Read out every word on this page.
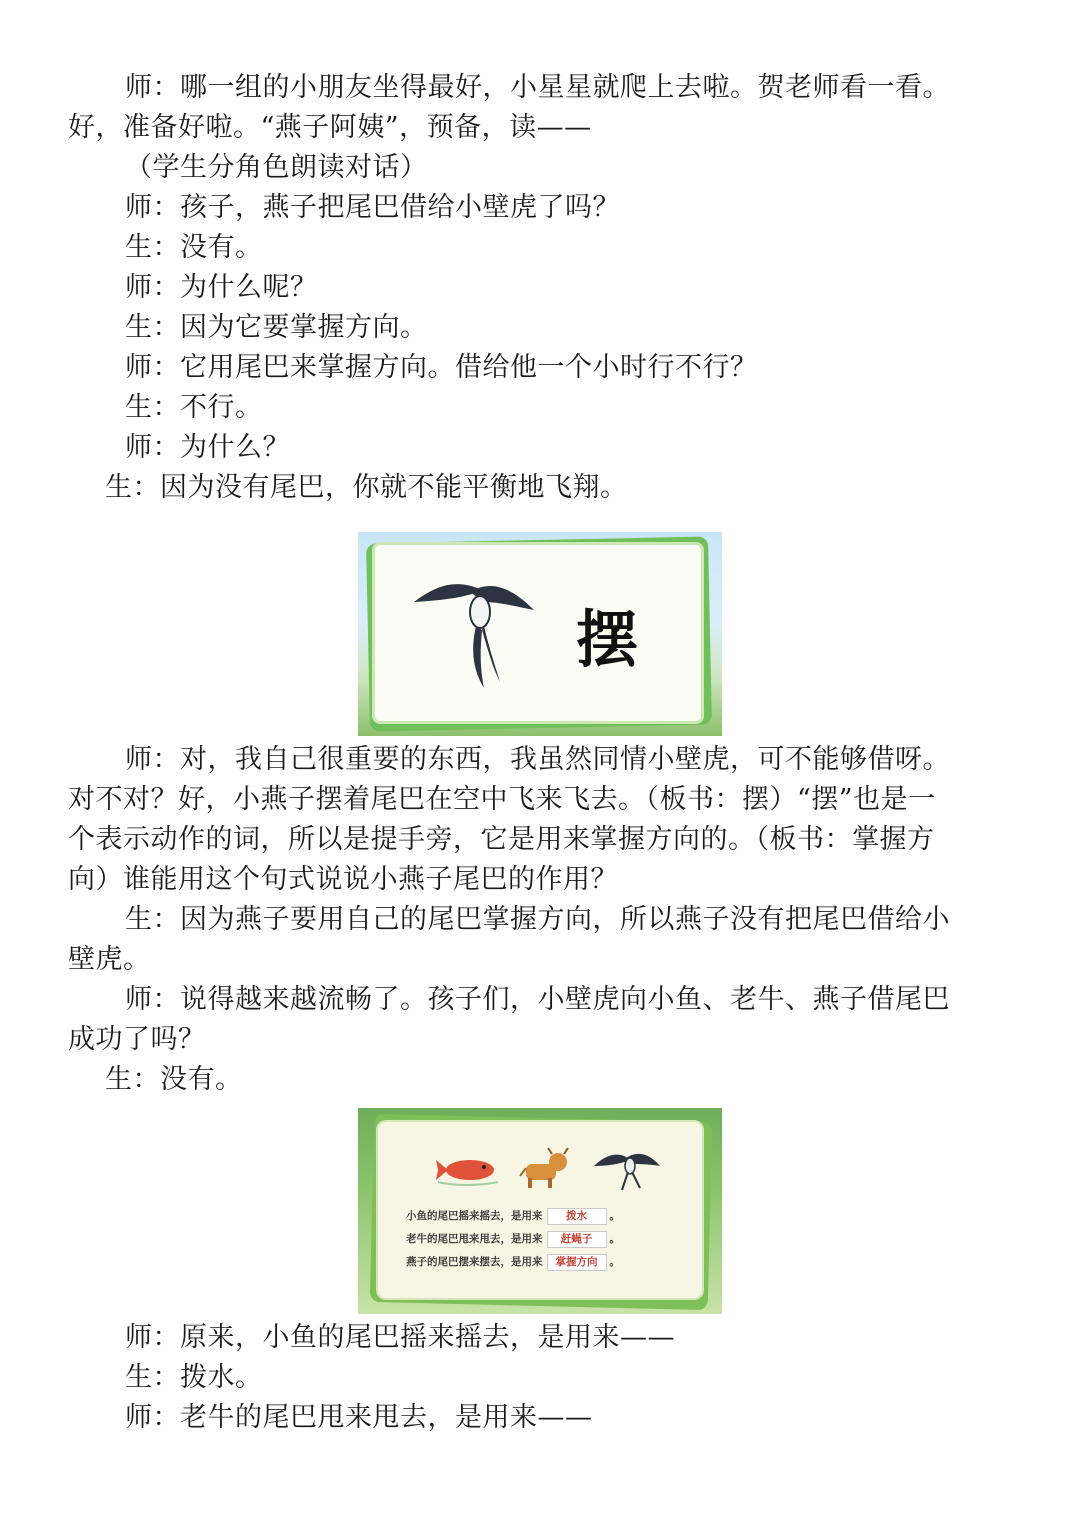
师：哪一组的小朋友坐得最好，小星星就爬上去啦。贺老师看一看。
好，准备好啦。“燕子阿姨”，预备，读——
（学生分角色朗读对话）
师：孩子，燕子把尾巴借给小壁虎了吗？
生：没有。
师：为什么呢？
生：因为它要掌握方向。
师：它用尾巴来掌握方向。借给他一个小时行不行？
生：不行。
师：为什么？
生：因为没有尾巴，你就不能平衡地飞翔。
摆
师：对，我自己很重要的东西，我虽然同情小壁虎，可不能够借呀。
对不对？好，小燕子摆着尾巴在空中飞来飞去。（板书：摆）“摆”也是一
个表示动作的词，所以是提手旁，它是用来掌握方向的。（板书：掌握方
向）谁能用这个句式说说小燕子尾巴的作用？
生：因为燕子要用自己的尾巴掌握方向，所以燕子没有把尾巴借给小
壁虎。
师：说得越来越流畅了。孩子们，小壁虎向小鱼、老牛、燕子借尾巴
成功了吗？
生：没有。
小鱼的尾巴摇来摇去，是用来 拨水 。
老牛的尾巴甩来甩去，是用来 赶蝇子 。
燕子的尾巴摆来摆去，是用来 掌握方向 。
师：原来，小鱼的尾巴摇来摇去，是用来——
生：拨水。
师：老牛的尾巴甩来甩去，是用来——
